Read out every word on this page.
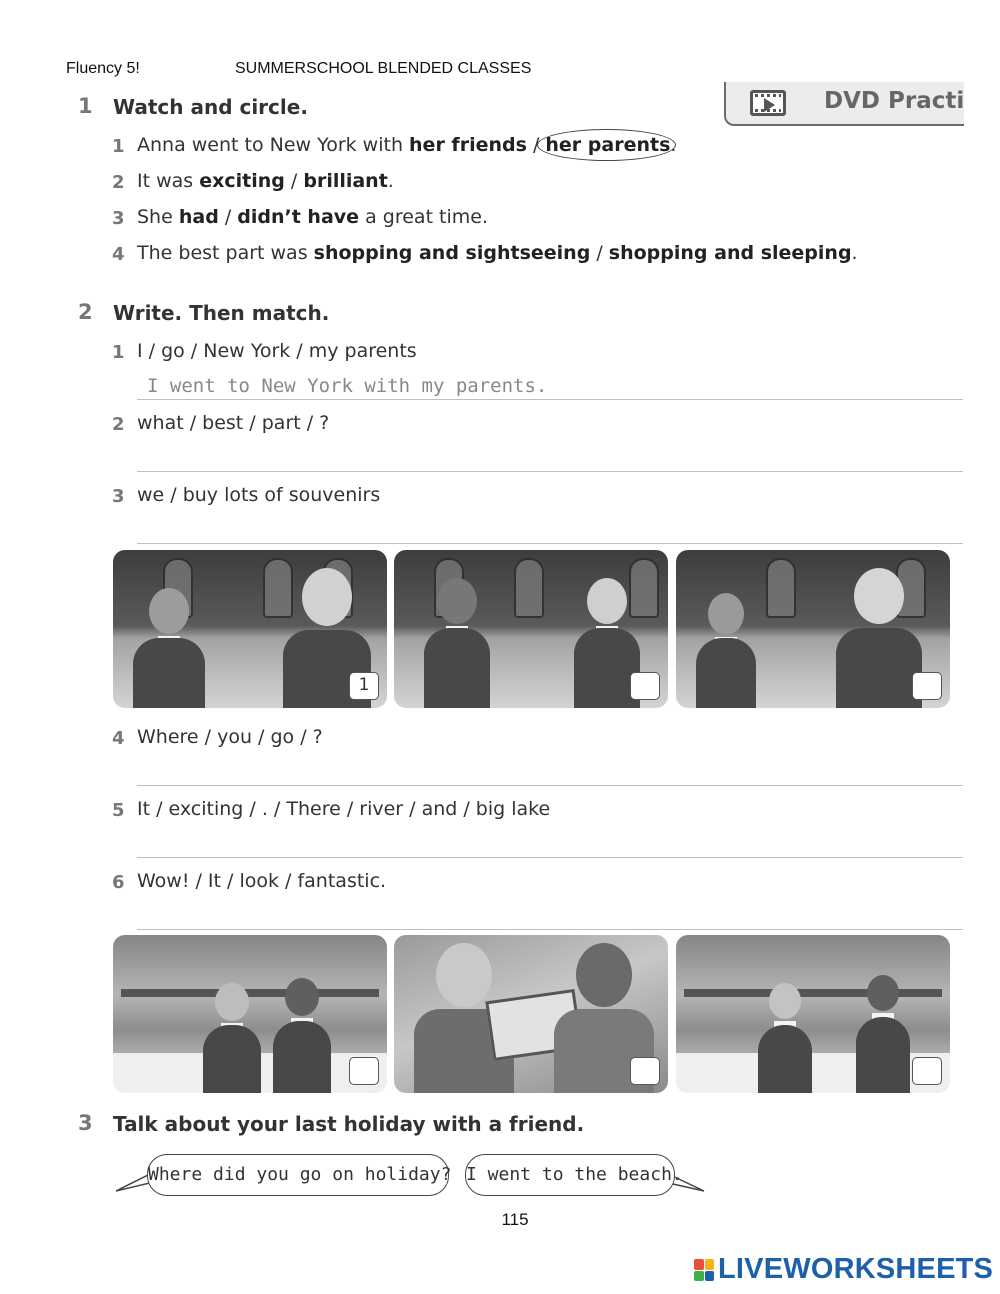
Fluency 5!	SUMMERSCHOOL BLENDED CLASSES
DVD Practi
1 Watch and circle.
1 Anna went to New York with her friends / her parents
.
2 It was exciting / brilliant.
3 She had / didn’t have a great time.
4 The best part was shopping and sightseeing / shopping and sleeping.
2 Write. Then match.
1 I / go / New York / my parents
I went to New York with my parents.
2 what / best / part / ?
3 we / buy lots of souvenirs
1
4 Where / you / go / ?
5 It / exciting / . / There / river / and / big lake
6 Wow! / It / look / fantastic.
3 Talk about your last holiday with a friend.
Where did you go on holiday? I went to the beach.
115
LIVEWORKSHEETS
